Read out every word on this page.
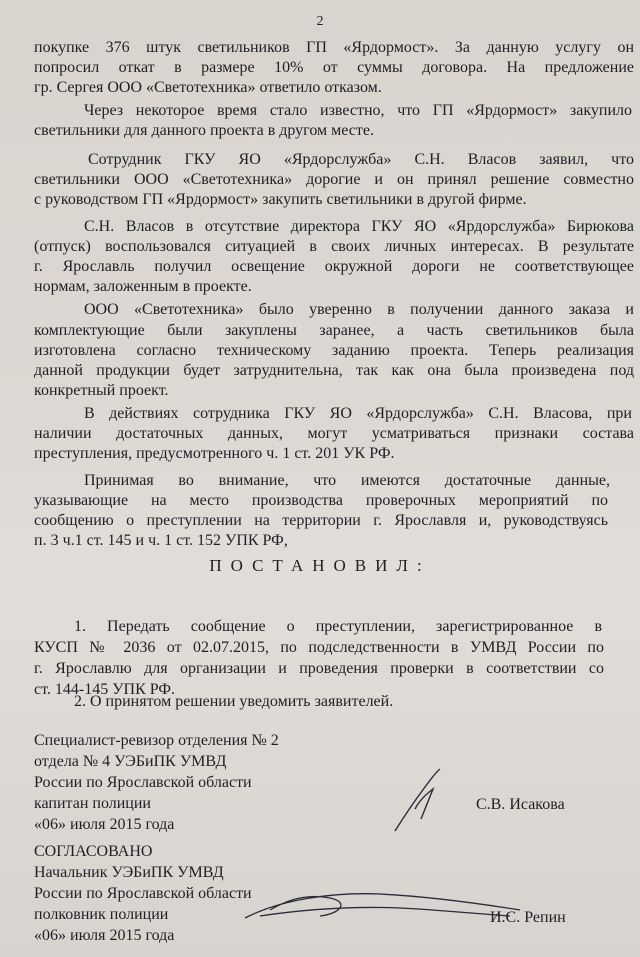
2
покупке 376 штук светильников ГП «Ярдормост». За данную услугу он
попросил откат в размере 10% от суммы договора. На предложение
гр. Сергея ООО «Светотехника» ответило отказом.
Через некоторое время стало известно, что ГП «Ярдормост» закупило
светильники для данного проекта в другом месте.
Сотрудник ГКУ ЯО «Ярдорслужба» С.Н. Власов заявил, что
светильники ООО «Светотехника» дорогие и он принял решение совместно
с руководством ГП «Ярдормост» закупить светильники в другой фирме.
С.Н. Власов в отсутствие директора ГКУ ЯО «Ярдорслужба» Бирюкова
(отпуск) воспользовался ситуацией в своих личных интересах. В результате
г. Ярославль получил освещение окружной дороги не соответствующее
нормам, заложенным в проекте.
ООО «Светотехника» было уверенно в получении данного заказа и
комплектующие были закуплены заранее, а часть светильников была
изготовлена согласно техническому заданию проекта. Теперь реализация
данной продукции будет затруднительна, так как она была произведена под
конкретный проект.
В действиях сотрудника ГКУ ЯО «Ярдорслужба» С.Н. Власова, при
наличии достаточных данных, могут усматриваться признаки состава
преступления, предусмотренного ч. 1 ст. 201 УК РФ.
Принимая во внимание, что имеются достаточные данные,
указывающие на место производства проверочных мероприятий по
сообщению о преступлении на территории г. Ярославля и, руководствуясь
п. 3 ч.1 ст. 145 и ч. 1 ст. 152 УПК РФ,
ПОСТАНОВИЛ:
1. Передать сообщение о преступлении, зарегистрированное в
КУСП № 2036 от 02.07.2015, по подследственности в УМВД России по
г. Ярославлю для организации и проведения проверки в соответствии со
ст. 144-145 УПК РФ.
2. О принятом решении уведомить заявителей.
Специалист-ревизор отделения № 2
отдела № 4 УЭБиПК УМВД
России по Ярославской области
капитан полиции
«06» июля 2015 года
С.В. Исакова
СОГЛАСОВАНО
Начальник УЭБиПК УМВД
России по Ярославской области
полковник полиции
«06» июля 2015 года
И.С. Репин
